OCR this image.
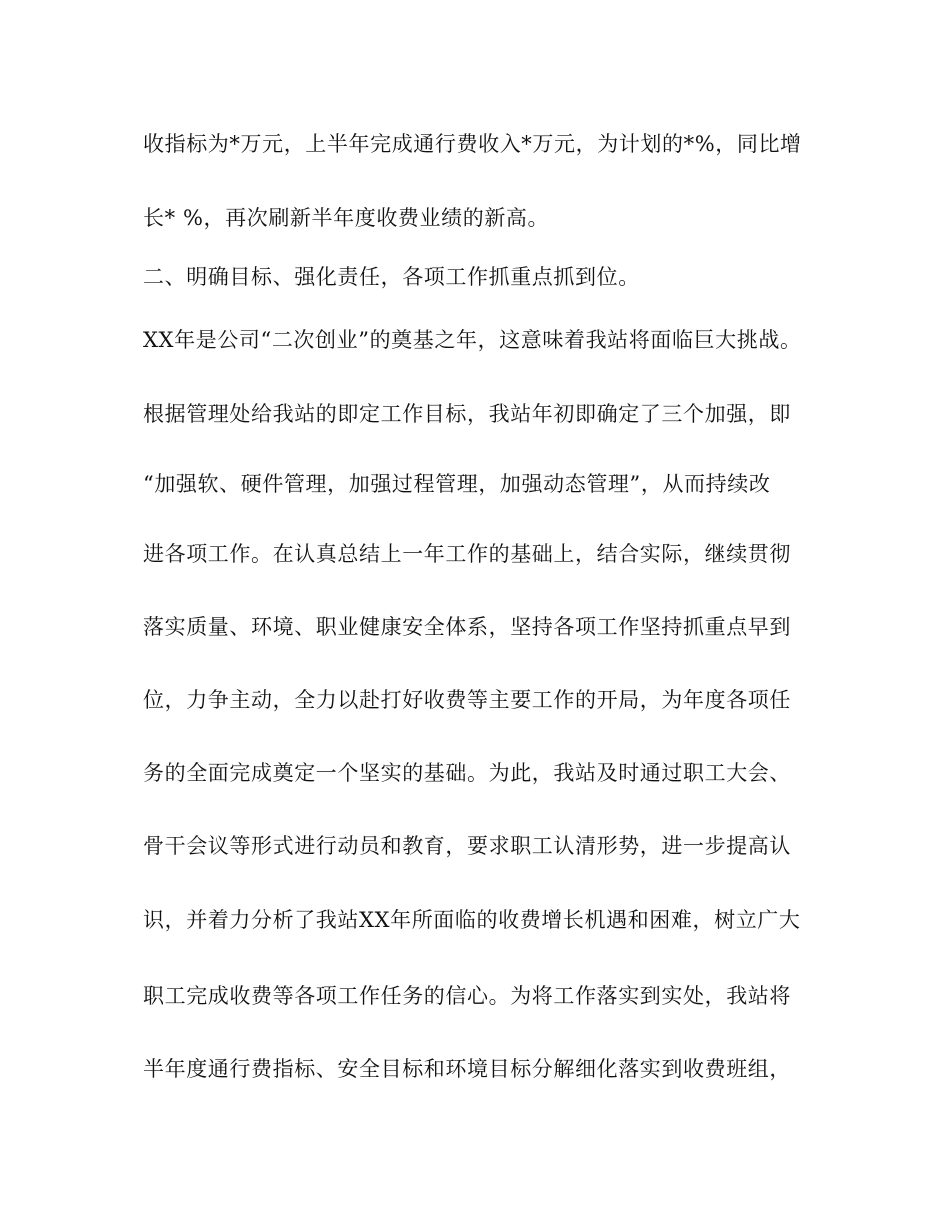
收指标为*万元，上半年完成通行费收入*万元，为计划的*%，同比增
长* %，再次刷新半年度收费业绩的新高。
二、明确目标、强化责任，各项工作抓重点抓到位。
XX年是公司“二次创业”的奠基之年，这意味着我站将面临巨大挑战。
根据管理处给我站的即定工作目标，我站年初即确定了三个加强，即
“加强软、硬件管理，加强过程管理，加强动态管理”，从而持续改
进各项工作。在认真总结上一年工作的基础上，结合实际，继续贯彻
落实质量、环境、职业健康安全体系，坚持各项工作坚持抓重点早到
位，力争主动，全力以赴打好收费等主要工作的开局，为年度各项任
务的全面完成奠定一个坚实的基础。为此，我站及时通过职工大会、
骨干会议等形式进行动员和教育，要求职工认清形势，进一步提高认
识，并着力分析了我站XX年所面临的收费增长机遇和困难，树立广大
职工完成收费等各项工作任务的信心。为将工作落实到实处，我站将
半年度通行费指标、安全目标和环境目标分解细化落实到收费班组，
